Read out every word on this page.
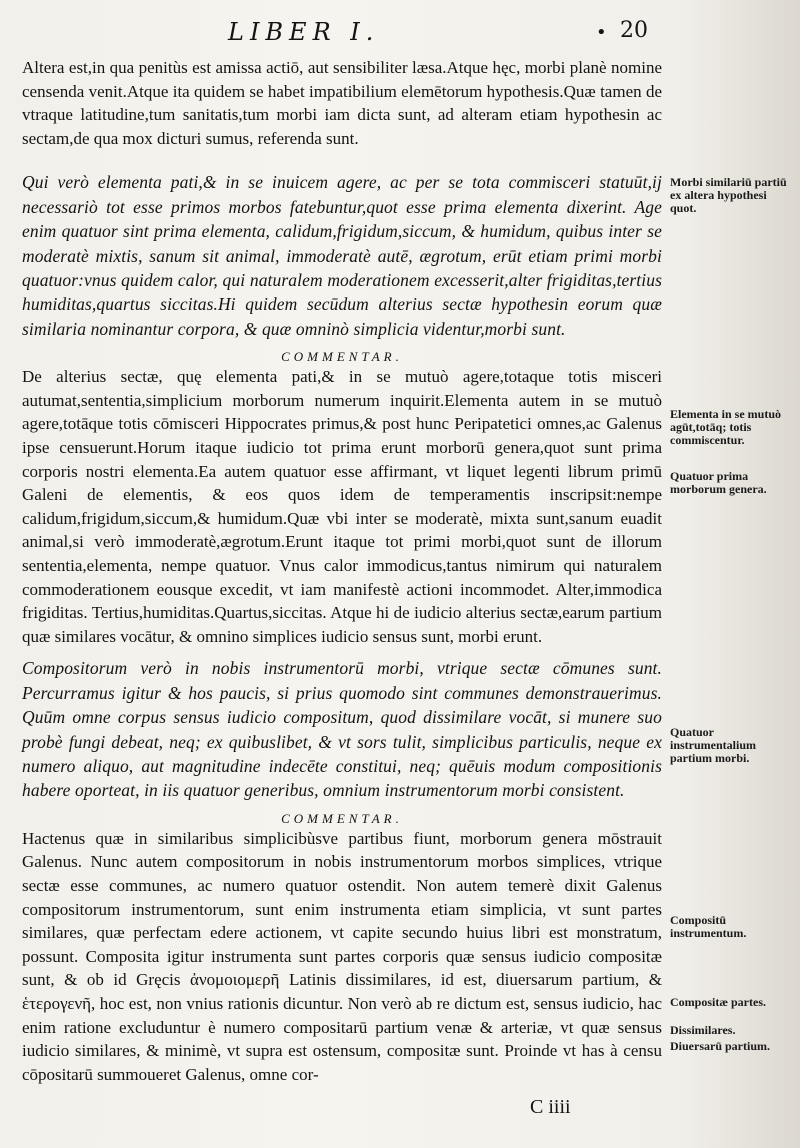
LIBER I.	• 20

Altera est,in qua penitùs est amissa actiō, aut sensibiliter læsa.Atque hęc, morbi planè nomine censenda venit.Atque ita quidem se habet impatibilium elemētorum hypothesis.Quæ tamen de vtraque latitudine,tum sanitatis,tum morbi iam dicta sunt, ad alteram etiam hypothesin ac sectam,de qua mox dicturi sumus, referenda sunt.

Qui verò elementa pati,& in se inuicem agere, ac per se tota commisceri statuūt,ij necessariò tot esse primos morbos fatebuntur,quot esse prima elementa dixerint. Age enim quatuor sint prima elementa, calidum,frigidum,siccum, & humidum, quibus inter se moderatè mixtis, sanum sit animal, immoderatè autē, ægrotum, erūt etiam primi morbi quatuor:vnus quidem calor, qui naturalem moderationem excesserit,alter frigiditas,tertius humiditas,quartus siccitas.Hi quidem secūdum alterius sectæ hypothesin eorum quæ similaria nominantur corpora, & quæ omninò simplicia videntur,morbi sunt.

COMMENTAR.

De alterius sectæ, quę elementa pati,& in se mutuò agere,totaque totis misceri autumat,sententia,simplicium morborum numerum inquirit.Elementa autem in se mutuò agere,totāque totis cōmisceri Hippocrates primus,& post hunc Peripatetici omnes,ac Galenus ipse censuerunt.Horum itaque iudicio tot prima erunt morborū genera,quot sunt prima corporis nostri elementa.Ea autem quatuor esse affirmant, vt liquet legenti librum primū Galeni de elementis, & eos quos idem de temperamentis inscripsit:nempe calidum,frigidum,siccum,& humidum.Quæ vbi inter se moderatè, mixta sunt,sanum euadit animal,si verò immoderatè,ægrotum.Erunt itaque tot primi morbi,quot sunt de illorum sententia,elementa, nempe quatuor. Vnus calor immodicus,tantus nimirum qui naturalem commoderationem eousque excedit, vt iam manifestè actioni incommodet. Alter,immodica frigiditas. Tertius,humiditas.Quartus,siccitas. Atque hi de iudicio alterius sectæ,earum partium quæ similares vocātur, & omnino simplices iudicio sensus sunt, morbi erunt.

Compositorum verò in nobis instrumentorū morbi, vtrique sectæ cōmunes sunt. Percurramus igitur & hos paucis, si prius quomodo sint communes demonstrauerimus. Quūm omne corpus sensus iudicio compositum, quod dissimilare vocāt, si munere suo probè fungi debeat, neq; ex quibuslibet, & vt sors tulit, simplicibus particulis, neque ex numero aliquo, aut magnitudine indecēte constitui, neq; quēuis modum compositionis habere oporteat, in iis quatuor generibus, omnium instrumentorum morbi consistent.

COMMENTAR.

Hactenus quæ in similaribus simplicibùsve partibus fiunt, morborum genera mōstrauit Galenus. Nunc autem compositorum in nobis instrumentorum morbos simplices, vtrique sectæ esse communes, ac numero quatuor ostendit. Non autem temerè dixit Galenus compositorum instrumentorum, sunt enim instrumenta etiam simplicia, vt sunt partes similares, quæ perfectam edere actionem, vt capite secundo huius libri est monstratum, possunt. Composita igitur instrumenta sunt partes corporis quæ sensus iudicio compositæ sunt, & ob id Gręcis ἀνομοιομερῆ Latinis dissimilares, id est, diuersarum partium, & ἑτερογενῆ, hoc est, non vnius rationis dicuntur. Non verò ab re dictum est, sensus iudicio, hac enim ratione excluduntur è numero compositarū partium venæ & arteriæ, vt quæ sensus iudicio similares, & minimè, vt supra est ostensum, compositæ sunt. Proinde vt has à censu cōpositarū summoueret Galenus, omne cor-

Morbi similariū partiū ex altera hypothesi quot.
Elementa in se mutuò agūt,totāq; totis commiscentur.
Quatuor prima morborum genera.
Quatuor instrumentalium partium morbi.
Compositū instrumentum.
Compositæ partes.
Dissimilares.
Diuersarū partium.
C iiii
